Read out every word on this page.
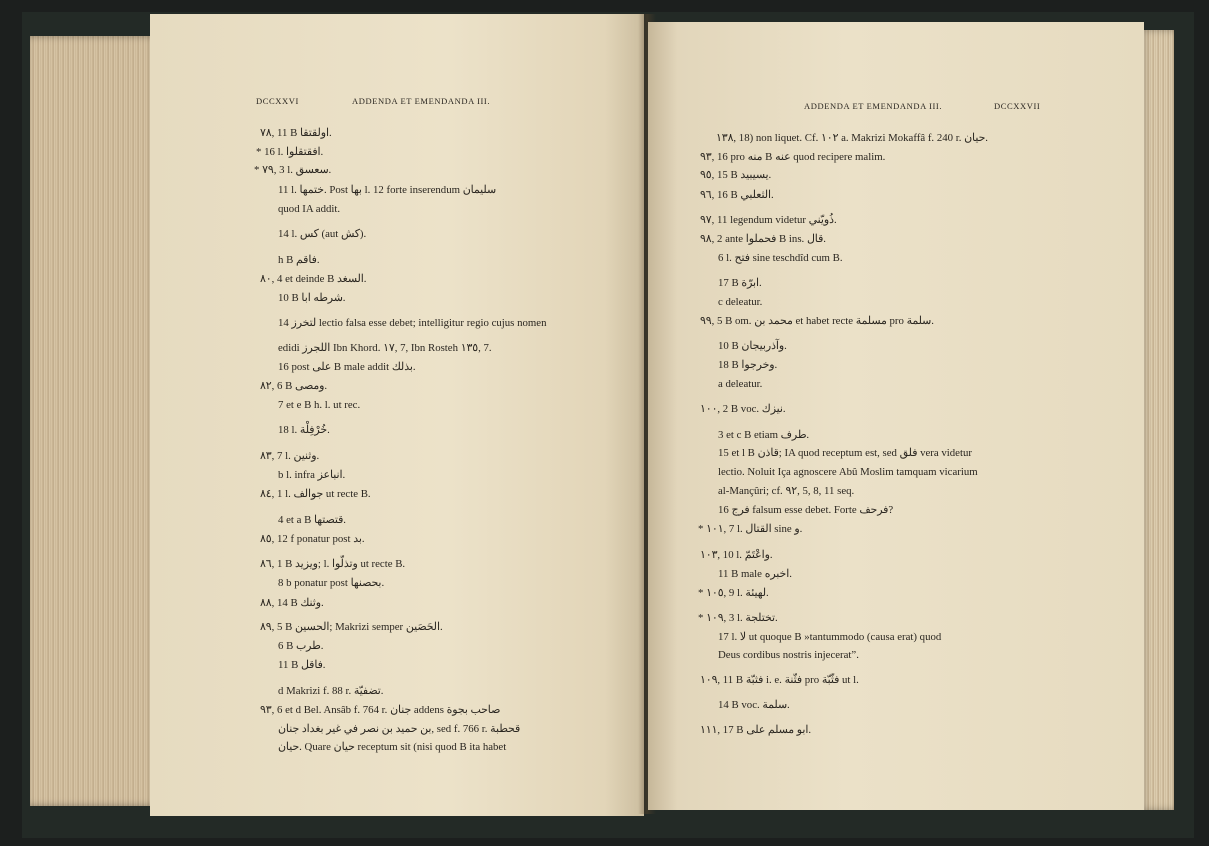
DCCXXVI	ADDENDA ET EMENDANDA III.
٧٨, 11 B اولقتقا.
* 16 l. افقتقلوا.
* ٧٩, 3 l. سعسق.
11 l. ختمها. Post بها l. 12 forte inserendum سليمان
quod IA addit.
14 l. كس (aut كش).
h B فاقم.
٨٠, 4 et deinde B السغد.
10 B شرطه ابا.
14 لتخرز lectio falsa esse debet; intelligitur regio cujus nomen
edidi اللجرز Ibn Khord. ١٧, 7, Ibn Rosteh ١٣٥, 7.
16 post على B male addit بذلك.
٨٢, 6 B ومصى.
7 et e B h. l. ut rec.
18 l. خُرْفِلْة.
٨٣, 7 l. وثنين.
b l. infra انباعز.
٨٤, 1 l. جوالف ut recte B.
4 et a B قتصتها.
٨٥, 12 f ponatur post بد.
٨٦, 1 B ويزيد; l. وتذلّوا ut recte B.
8 b ponatur post بحصنها.
٨٨, 14 B وثنك.
٨٩, 5 B الحسين; Makrizi semper الحَصَين.
6 B طرب.
11 B فاقل.
d Makrizi f. 88 r. تضفيّة.
٩٣, 6 et d Bel. Ansâb f. 764 r. جنان addens صاحب بجوة
بن حميد بن نصر في غير بغداد جنان, sed f. 766 r. قحطبة
حيان. Quare حيان receptum sit (nisi quod B ita habet
ADDENDA ET EMENDANDA III.	DCCXXVII
١٣٨, 18) non liquet. Cf. ١٠٢ a. Makrizi Mokaffâ f. 240 r. حيان.
٩٣, 16 pro منه B عنه quod recipere malim.
٩٥, 15 B يسيبيد.
٩٦, 16 B الثعلبي.
٩٧, 11 legendum videtur ذُويّني.
٩٨, 2 ante فحملوا B ins. قال.
6 l. فتح sine teschdîd cum B.
17 B ابرّة.
c deleatur.
٩٩, 5 B om. محمد بن et habet recte مسلمة pro سلمة.
10 B وآذربيجان.
18 B وخرجوا.
a deleatur.
١٠٠, 2 B voc. نيزك.
3 et c B etiam طرف.
15 et l B قاذن; IA quod receptum est, sed فلق vera videtur
lectio. Noluit Iça agnoscere Abû Moslim tamquam vicarium
al-Mançûri; cf. ٩٢, 5, 8, 11 seq.
16 فرج falsum esse debet. Forte فرحف?
* ١٠١, 7 l. القتال sine و.
١٠٣, 10 l. واعْتَمّ.
11 B male اخبره.
* ١٠٥, 9 l. لهيئة.
* ١٠٩, 3 l. تختلجة.
17 l. لا ut quoque B »tantummodo (causa erat) quod
Deus cordibus nostris injecerat”.
١٠٩, 11 B فثبّة i. e. فثّنة pro فثّبّة ut l.
14 B voc. سلمة.
١١١, 17 B ابو مسلم على.
